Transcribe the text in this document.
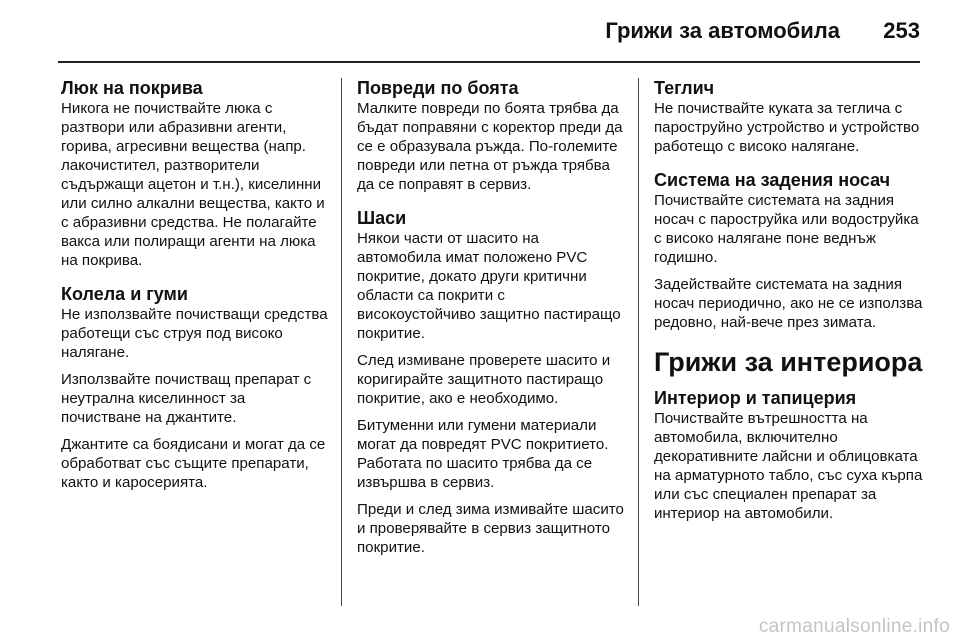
Грижи за автомобила 253
Люк на покрива

Никога не почиствайте люка с разтвори или абразивни агенти, горива, агресивни вещества (напр. лакочистител, разтворители съдържащи ацетон и т.н.), киселинни или силно алкални вещества, както и с абразивни средства. Не полагайте вакса или полиращи агенти на люка на покрива.

Колела и гуми

Не използвайте почистващи средства работещи със струя под високо налягане.

Използвайте почистващ препарат с неутрална киселинност за почистване на джантите.

Джантите са боядисани и могат да се обработват със същите препарати, както и каросерията.

Повреди по боята

Малките повреди по боята трябва да бъдат поправяни с коректор преди да се е образувала ръжда. По-големите повреди или петна от ръжда трябва да се поправят в сервиз.

Шаси

Някои части от шасито на автомобила имат положено PVC покритие, докато други критични области са покрити с високоустойчиво защитно пастиращо покритие.

След измиване проверете шасито и коригирайте защитното пастиращо покритие, ако е необходимо.

Битуменни или гумени материали могат да повредят PVC покритието. Работата по шасито трябва да се извършва в сервиз.

Преди и след зима измивайте шасито и проверявайте в сервиз защитното покритие.

Теглич

Не почиствайте куката за теглича с пароструйно устройство и устройство работещо с високо налягане.

Система на задения носач

Почиствайте системата на задния носач с пароструйка или водоструйка с високо налягане поне веднъж годишно.

Задействайте системата на задния носач периодично, ако не се използва редовно, най-вече през зимата.

Грижи за интериора
Интериор и тапицерия

Почиствайте вътрешността на автомобила, включително декоративните лайсни и облицовката на арматурното табло, със суха кърпа или със специален препарат за интериор на автомобили.

carmanualsonline.info
